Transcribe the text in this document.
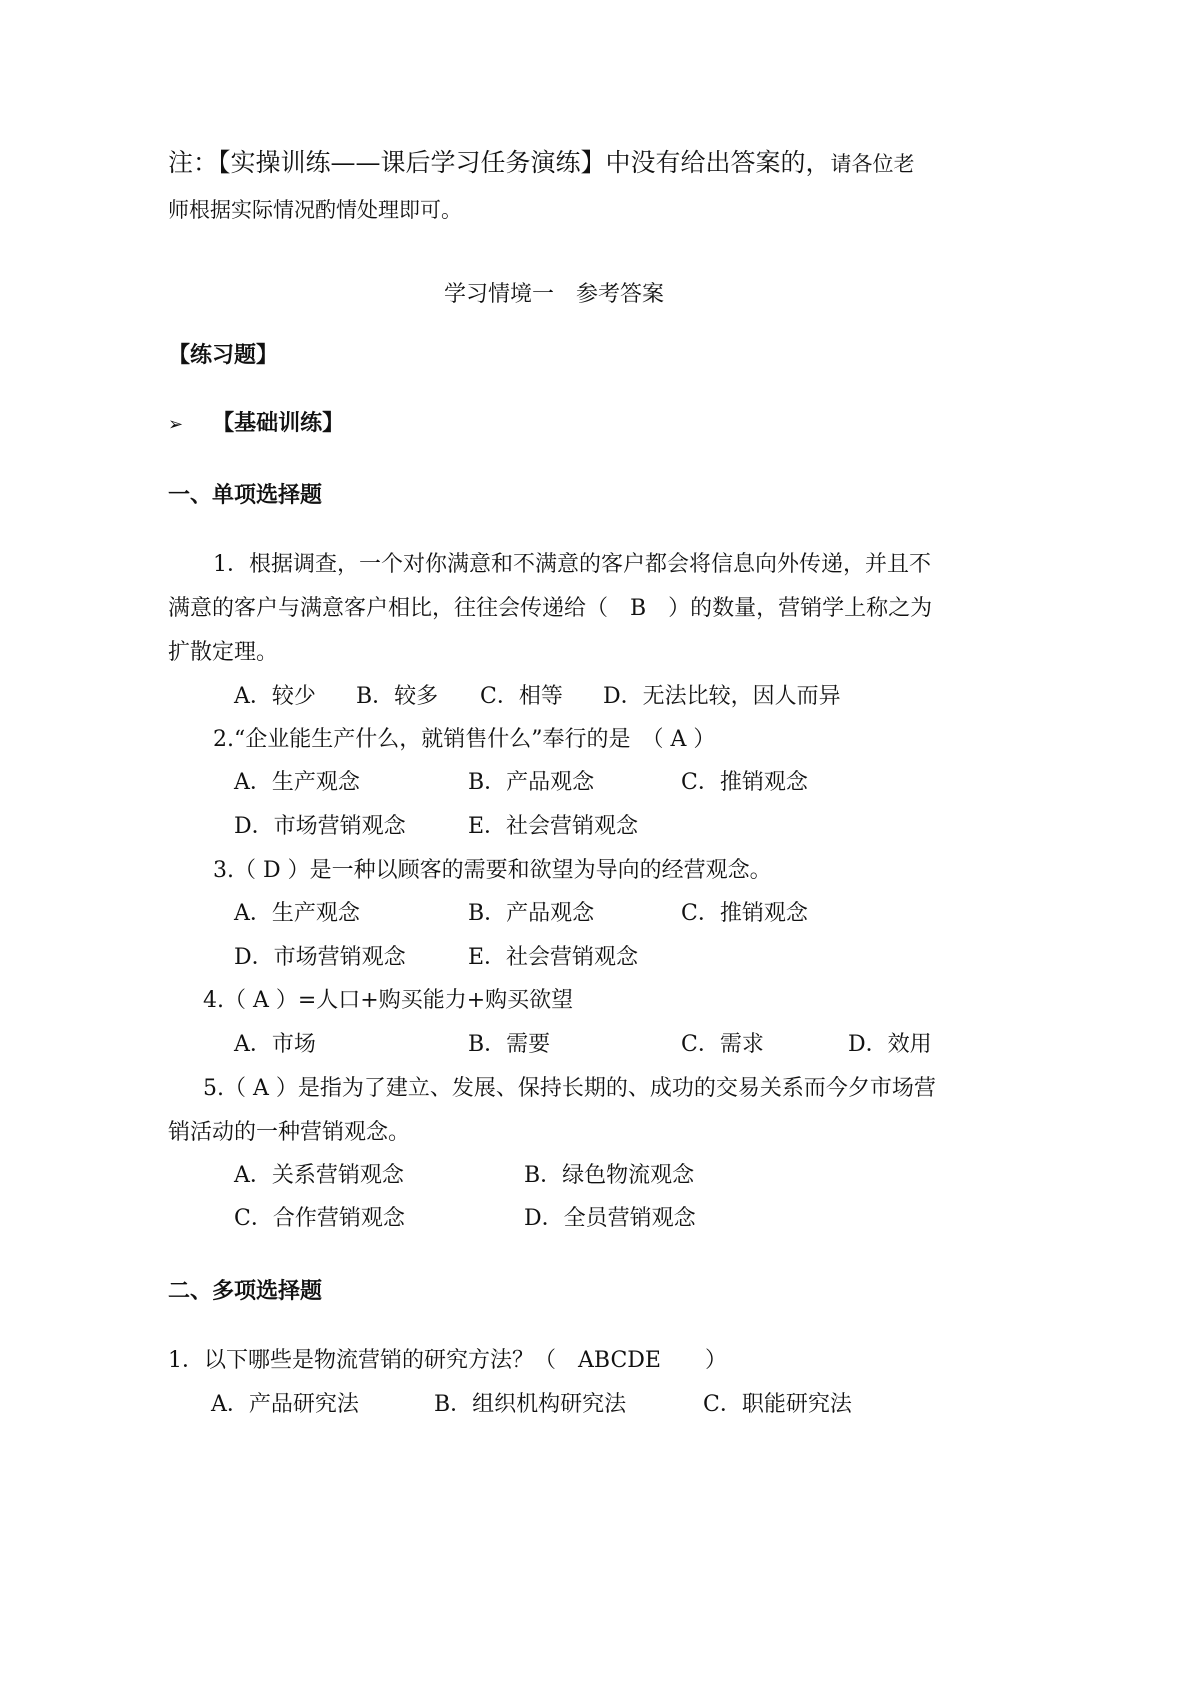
注：【实操训练——课后学习任务演练】中没有给出答案的，请各位老
师根据实际情况酌情处理即可。
学习情境一　参考答案
【练习题】
➢ 【基础训练】
一、单项选择题
1．根据调查，一个对你满意和不满意的客户都会将信息向外传递，并且不
满意的客户与满意客户相比，往往会传递给（　B　）的数量，营销学上称之为
扩散定理。
A．较少 B．较多 C．相等 D．无法比较，因人而异
2.“企业能生产什么，就销售什么”奉行的是　（ A ）
A．生产观念	B．产品观念	C．推销观念
D．市场营销观念	E．社会营销观念
3.（ D ）是一种以顾客的需要和欲望为导向的经营观念。
A．生产观念	B．产品观念	C．推销观念
D．市场营销观念	E．社会营销观念
4.（ A ）=人口+购买能力+购买欲望
A．市场	B．需要	C．需求	D．效用
5.（ A ）是指为了建立、发展、保持长期的、成功的交易关系而今夕市场营
销活动的一种营销观念。
A．关系营销观念	B．绿色物流观念
C．合作营销观念	D．全员营销观念
二、多项选择题
1．以下哪些是物流营销的研究方法？（　ABCDE　　）
A．产品研究法	B．组织机构研究法	C．职能研究法
